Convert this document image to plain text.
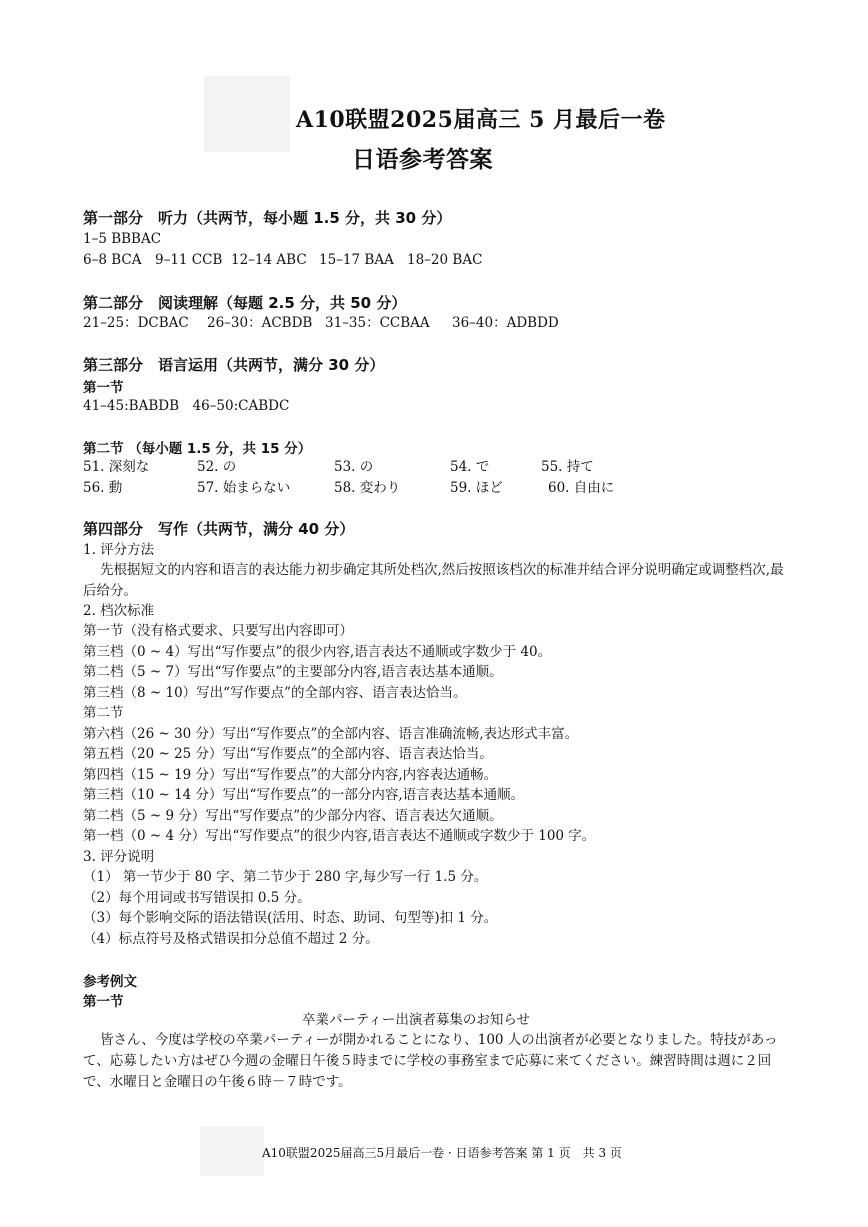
A10联盟2025届高三 5 月最后一卷
日语参考答案
第一部分　听力（共两节，每小题 1.5 分，共 30 分）
1–5 BBBAC
6–8 BCA 9–11 CCB 12–14 ABC 15–17 BAA 18–20 BAC
第二部分　阅读理解（每题 2.5 分，共 50 分）
21–25：DCBAC 26–30：ACBDB 31–35：CCBAA 36–40：ADBDD
第三部分　语言运用（共两节，满分 30 分）
第一节
41–45:BABDB　46–50:CABDC
第二节 （每小题 1.5 分，共 15 分）
51. 深刻な	52. の	53. の	54. で	55. 持て
56. 動	57. 始まらない	58. 変わり	59. ほど	60. 自由に
第四部分　写作（共两节，满分 40 分）
1. 评分方法
先根据短文的内容和语言的表达能力初步确定其所处档次,然后按照该档次的标准并结合评分说明确定或调整档次,最后给分。
2. 档次标准
第一节（没有格式要求、只要写出内容即可）
第三档（0 ~ 4）写出“写作要点”的很少内容,语言表达不通顺或字数少于 40。
第二档（5 ~ 7）写出“写作要点”的主要部分内容,语言表达基本通顺。
第三档（8 ~ 10）写出“写作要点”的全部内容、语言表达恰当。
第二节
第六档（26 ~ 30 分）写出“写作要点”的全部内容、语言准确流畅,表达形式丰富。
第五档（20 ~ 25 分）写出“写作要点”的全部内容、语言表达恰当。
第四档（15 ~ 19 分）写出“写作要点”的大部分内容,内容表达通畅。
第三档（10 ~ 14 分）写出“写作要点”的一部分内容,语言表达基本通顺。
第二档（5 ~ 9 分）写出“写作要点”的少部分内容、语言表达欠通顺。
第一档（0 ~ 4 分）写出“写作要点”的很少内容,语言表达不通顺或字数少于 100 字。
3. 评分说明
（1） 第一节少于 80 字、第二节少于 280 字,每少写一行 1.5 分。
（2）每个用词或书写错误扣 0.5 分。
（3）每个影响交际的语法错误(活用、时态、助词、句型等)扣 1 分。
（4）标点符号及格式错误扣分总值不超过 2 分。
参考例文
第一节
卒業パーティー出演者募集のお知らせ
皆さん、今度は学校の卒業パーティーが開かれることになり、100 人の出演者が必要となりました。特技があって、応募したい方はぜひ今週の金曜日午後５時までに学校の事務室まで応募に来てください。練習時間は週に２回で、水曜日と金曜日の午後６時－７時です。
A10联盟2025届高三5月最后一卷 · 日语参考答案 第 1 页　共 3 页
